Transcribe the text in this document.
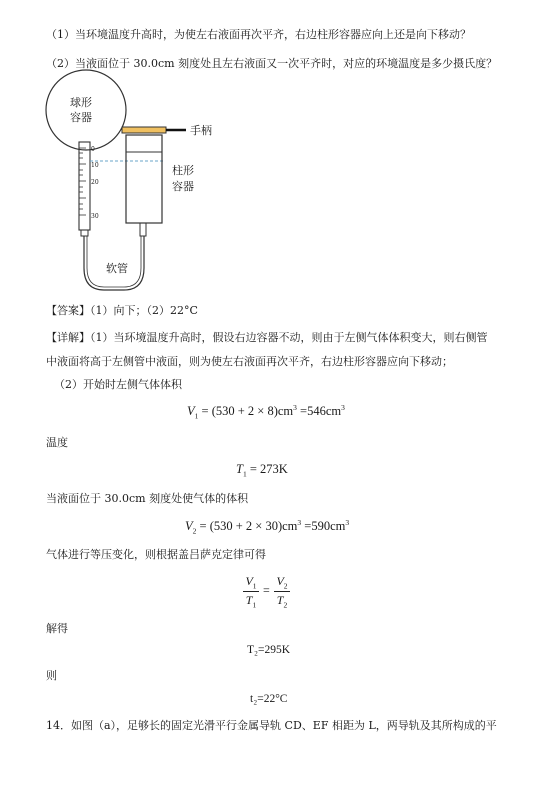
（1）当环境温度升高时，为使左右液面再次平齐，右边柱形容器应向上还是向下移动？
（2）当液面位于 30.0cm 刻度处且左右液面又一次平齐时，对应的环境温度是多少摄氏度？
球形
容器
手柄
柱形
容器
软管
0
10
20
30
【答案】（1）向下；（2）22°C
【详解】（1）当环境温度升高时，假设右边容器不动，则由于左侧气体体积变大，则右侧管
中液面将高于左侧管中液面，则为使左右液面再次平齐，右边柱形容器应向下移动；
（2）开始时左侧气体体积
$V_1 = (530 + 2 \times 8)cm^3 =546cm^3$
温度
$T_1 = 273K$
当液面位于 30.0cm 刻度处使气体的体积
$V_2 = (530 + 2 \times 30)cm^3 =590cm^3$
气体进行等压变化，则根据盖吕萨克定律可得
$V_1$
$T_1$
=
$V_2$
$T_2$
解得
T₂=295K
则
t₂=22°C
14．如图（a），足够长的固定光滑平行金属导轨 CD、EF 相距为 L，两导轨及其所构成的平
